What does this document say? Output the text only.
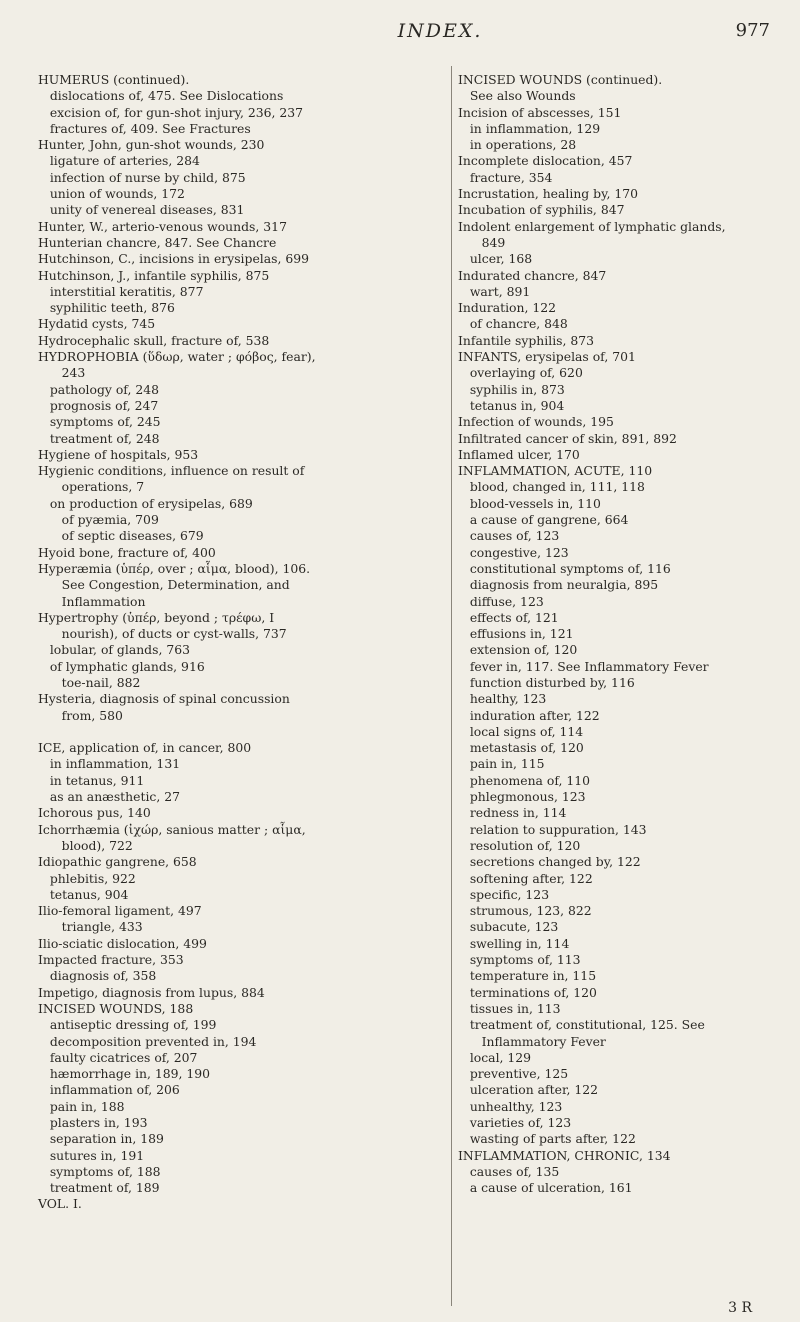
INDEX.	977
HUMERUS (continued).
dislocations of, 475. See Dislocations
excision of, for gun-shot injury, 236, 237
fractures of, 409. See Fractures
Hunter, John, gun-shot wounds, 230
ligature of arteries, 284
infection of nurse by child, 875
union of wounds, 172
unity of venereal diseases, 831
Hunter, W., arterio-venous wounds, 317
Hunterian chancre, 847. See Chancre
Hutchinson, C., incisions in erysipelas, 699
Hutchinson, J., infantile syphilis, 875
interstitial keratitis, 877
syphilitic teeth, 876
Hydatid cysts, 745
Hydrocephalic skull, fracture of, 538
HYDROPHOBIA (ὕδωρ, water ; φόβος, fear),
243
pathology of, 248
prognosis of, 247
symptoms of, 245
treatment of, 248
Hygiene of hospitals, 953
Hygienic conditions, influence on result of
operations, 7
on production of erysipelas, 689
of pyæmia, 709
of septic diseases, 679
Hyoid bone, fracture of, 400
Hyperæmia (ὑπέρ, over ; αἷμα, blood), 106.
See Congestion, Determination, and
Inflammation
Hypertrophy (ὑπέρ, beyond ; τρέφω, I
nourish), of ducts or cyst-walls, 737
lobular, of glands, 763
of lymphatic glands, 916
toe-nail, 882
Hysteria, diagnosis of spinal concussion
from, 580
ICE, application of, in cancer, 800
in inflammation, 131
in tetanus, 911
as an anæsthetic, 27
Ichorous pus, 140
Ichorrhæmia (ἰχώρ, sanious matter ; αἷμα,
blood), 722
Idiopathic gangrene, 658
phlebitis, 922
tetanus, 904
Ilio-femoral ligament, 497
triangle, 433
Ilio-sciatic dislocation, 499
Impacted fracture, 353
diagnosis of, 358
Impetigo, diagnosis from lupus, 884
INCISED WOUNDS, 188
antiseptic dressing of, 199
decomposition prevented in, 194
faulty cicatrices of, 207
hæmorrhage in, 189, 190
inflammation of, 206
pain in, 188
plasters in, 193
separation in, 189
sutures in, 191
symptoms of, 188
treatment of, 189
VOL. I.
INCISED WOUNDS (continued).
See also Wounds
Incision of abscesses, 151
in inflammation, 129
in operations, 28
Incomplete dislocation, 457
fracture, 354
Incrustation, healing by, 170
Incubation of syphilis, 847
Indolent enlargement of lymphatic glands,
849
ulcer, 168
Indurated chancre, 847
wart, 891
Induration, 122
of chancre, 848
Infantile syphilis, 873
INFANTS, erysipelas of, 701
overlaying of, 620
syphilis in, 873
tetanus in, 904
Infection of wounds, 195
Infiltrated cancer of skin, 891, 892
Inflamed ulcer, 170
INFLAMMATION, ACUTE, 110
blood, changed in, 111, 118
blood-vessels in, 110
a cause of gangrene, 664
causes of, 123
congestive, 123
constitutional symptoms of, 116
diagnosis from neuralgia, 895
diffuse, 123
effects of, 121
effusions in, 121
extension of, 120
fever in, 117. See Inflammatory Fever
function disturbed by, 116
healthy, 123
induration after, 122
local signs of, 114
metastasis of, 120
pain in, 115
phenomena of, 110
phlegmonous, 123
redness in, 114
relation to suppuration, 143
resolution of, 120
secretions changed by, 122
softening after, 122
specific, 123
strumous, 123, 822
subacute, 123
swelling in, 114
symptoms of, 113
temperature in, 115
terminations of, 120
tissues in, 113
treatment of, constitutional, 125. See
Inflammatory Fever
local, 129
preventive, 125
ulceration after, 122
unhealthy, 123
varieties of, 123
wasting of parts after, 122
INFLAMMATION, CHRONIC, 134
causes of, 135
a cause of ulceration, 161
3 R
